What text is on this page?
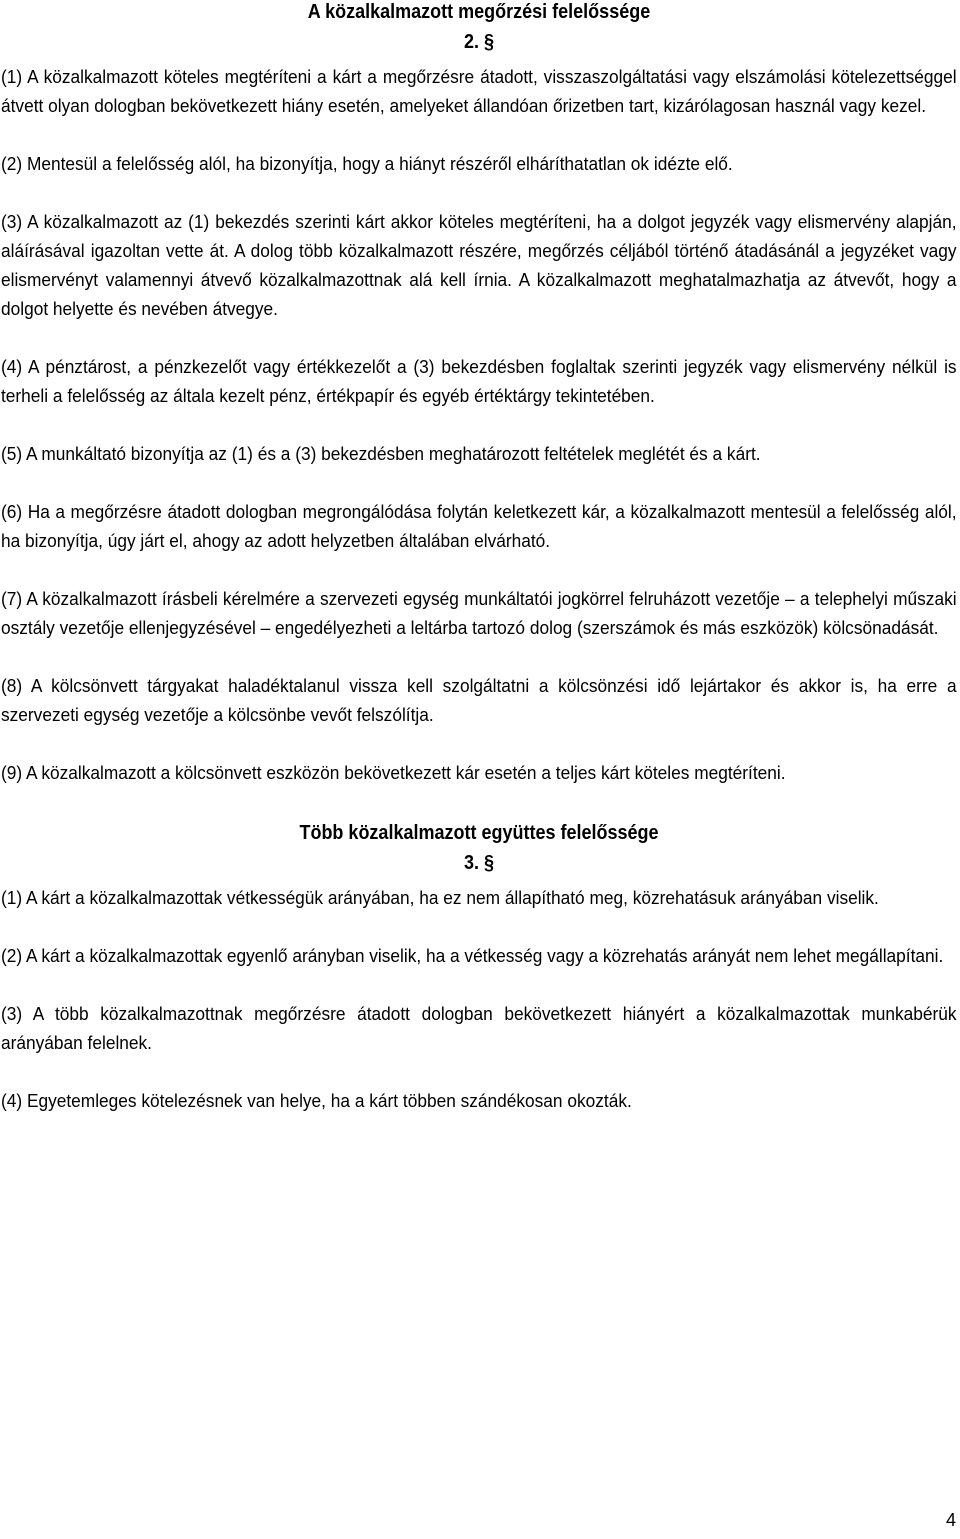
A közalkalmazott megőrzési felelőssége
2. §

(1) A közalkalmazott köteles megtéríteni a kárt a megőrzésre átadott, visszaszolgáltatási vagy elszámolási kötelezettséggel átvett olyan dologban bekövetkezett hiány esetén, amelyeket állandóan őrizetben tart, kizárólagosan használ vagy kezel.

(2) Mentesül a felelősség alól, ha bizonyítja, hogy a hiányt részéről elháríthatatlan ok idézte elő.

(3) A közalkalmazott az (1) bekezdés szerinti kárt akkor köteles megtéríteni, ha a dolgot jegyzék vagy elismervény alapján, aláírásával igazoltan vette át. A dolog több közalkalmazott részére, megőrzés céljából történő átadásánál a jegyzéket vagy elismervényt valamennyi átvevő közalkalmazottnak alá kell írnia. A közalkalmazott meghatalmazhatja az átvevőt, hogy a dolgot helyette és nevében átvegye.

(4) A pénztárost, a pénzkezelőt vagy értékkezelőt a (3) bekezdésben foglaltak szerinti jegyzék vagy elismervény nélkül is terheli a felelősség az általa kezelt pénz, értékpapír és egyéb értéktárgy tekintetében.

(5) A munkáltató bizonyítja az (1) és a (3) bekezdésben meghatározott feltételek meglétét és a kárt.

(6) Ha a megőrzésre átadott dologban megrongálódása folytán keletkezett kár, a közalkalmazott mentesül a felelősség alól, ha bizonyítja, úgy járt el, ahogy az adott helyzetben általában elvárható.

(7) A közalkalmazott írásbeli kérelmére a szervezeti egység munkáltatói jogkörrel felruházott vezetője – a telephelyi műszaki osztály vezetője ellenjegyzésével – engedélyezheti a leltárba tartozó dolog (szerszámok és más eszközök) kölcsönadását.

(8) A kölcsönvett tárgyakat haladéktalanul vissza kell szolgáltatni a kölcsönzési idő lejártakor és akkor is, ha erre a szervezeti egység vezetője a kölcsönbe vevőt felszólítja.

(9) A közalkalmazott a kölcsönvett eszközön bekövetkezett kár esetén a teljes kárt köteles megtéríteni.

Több közalkalmazott együttes felelőssége
3. §

(1) A kárt a közalkalmazottak vétkességük arányában, ha ez nem állapítható meg, közrehatásuk arányában viselik.

(2) A kárt a közalkalmazottak egyenlő arányban viselik, ha a vétkesség vagy a közrehatás arányát nem lehet megállapítani.

(3) A több közalkalmazottnak megőrzésre átadott dologban bekövetkezett hiányért a közalkalmazottak munkabérük arányában felelnek.

(4) Egyetemleges kötelezésnek van helye, ha a kárt többen szándékosan okozták.

4
